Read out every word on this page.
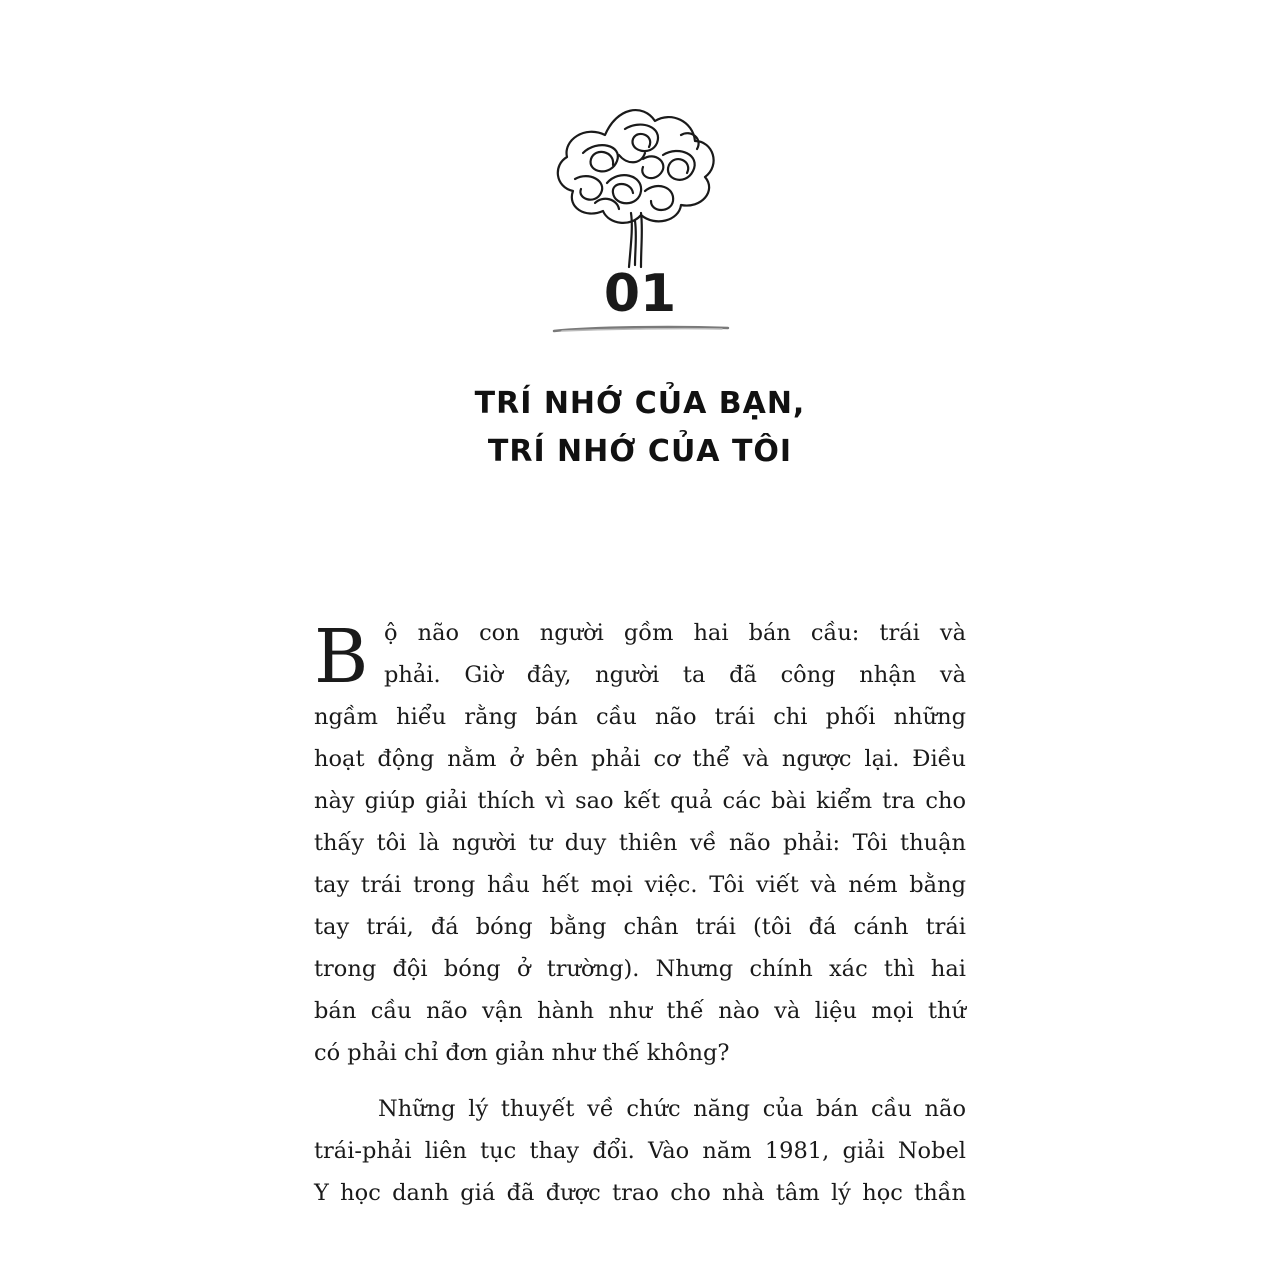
01
TRÍ NHỚ CỦA BẠN,
TRÍ NHỚ CỦA TÔI
B ộ não con người gồm hai bán cầu: trái và
phải. Giờ đây, người ta đã công nhận và
ngầm hiểu rằng bán cầu não trái chi phối những
hoạt động nằm ở bên phải cơ thể và ngược lại. Điều
này giúp giải thích vì sao kết quả các bài kiểm tra cho
thấy tôi là người tư duy thiên về não phải: Tôi thuận
tay trái trong hầu hết mọi việc. Tôi viết và ném bằng
tay trái, đá bóng bằng chân trái (tôi đá cánh trái
trong đội bóng ở trường). Nhưng chính xác thì hai
bán cầu não vận hành như thế nào và liệu mọi thứ
có phải chỉ đơn giản như thế không?
Những lý thuyết về chức năng của bán cầu não
trái-phải liên tục thay đổi. Vào năm 1981, giải Nobel
Y học danh giá đã được trao cho nhà tâm lý học thần
